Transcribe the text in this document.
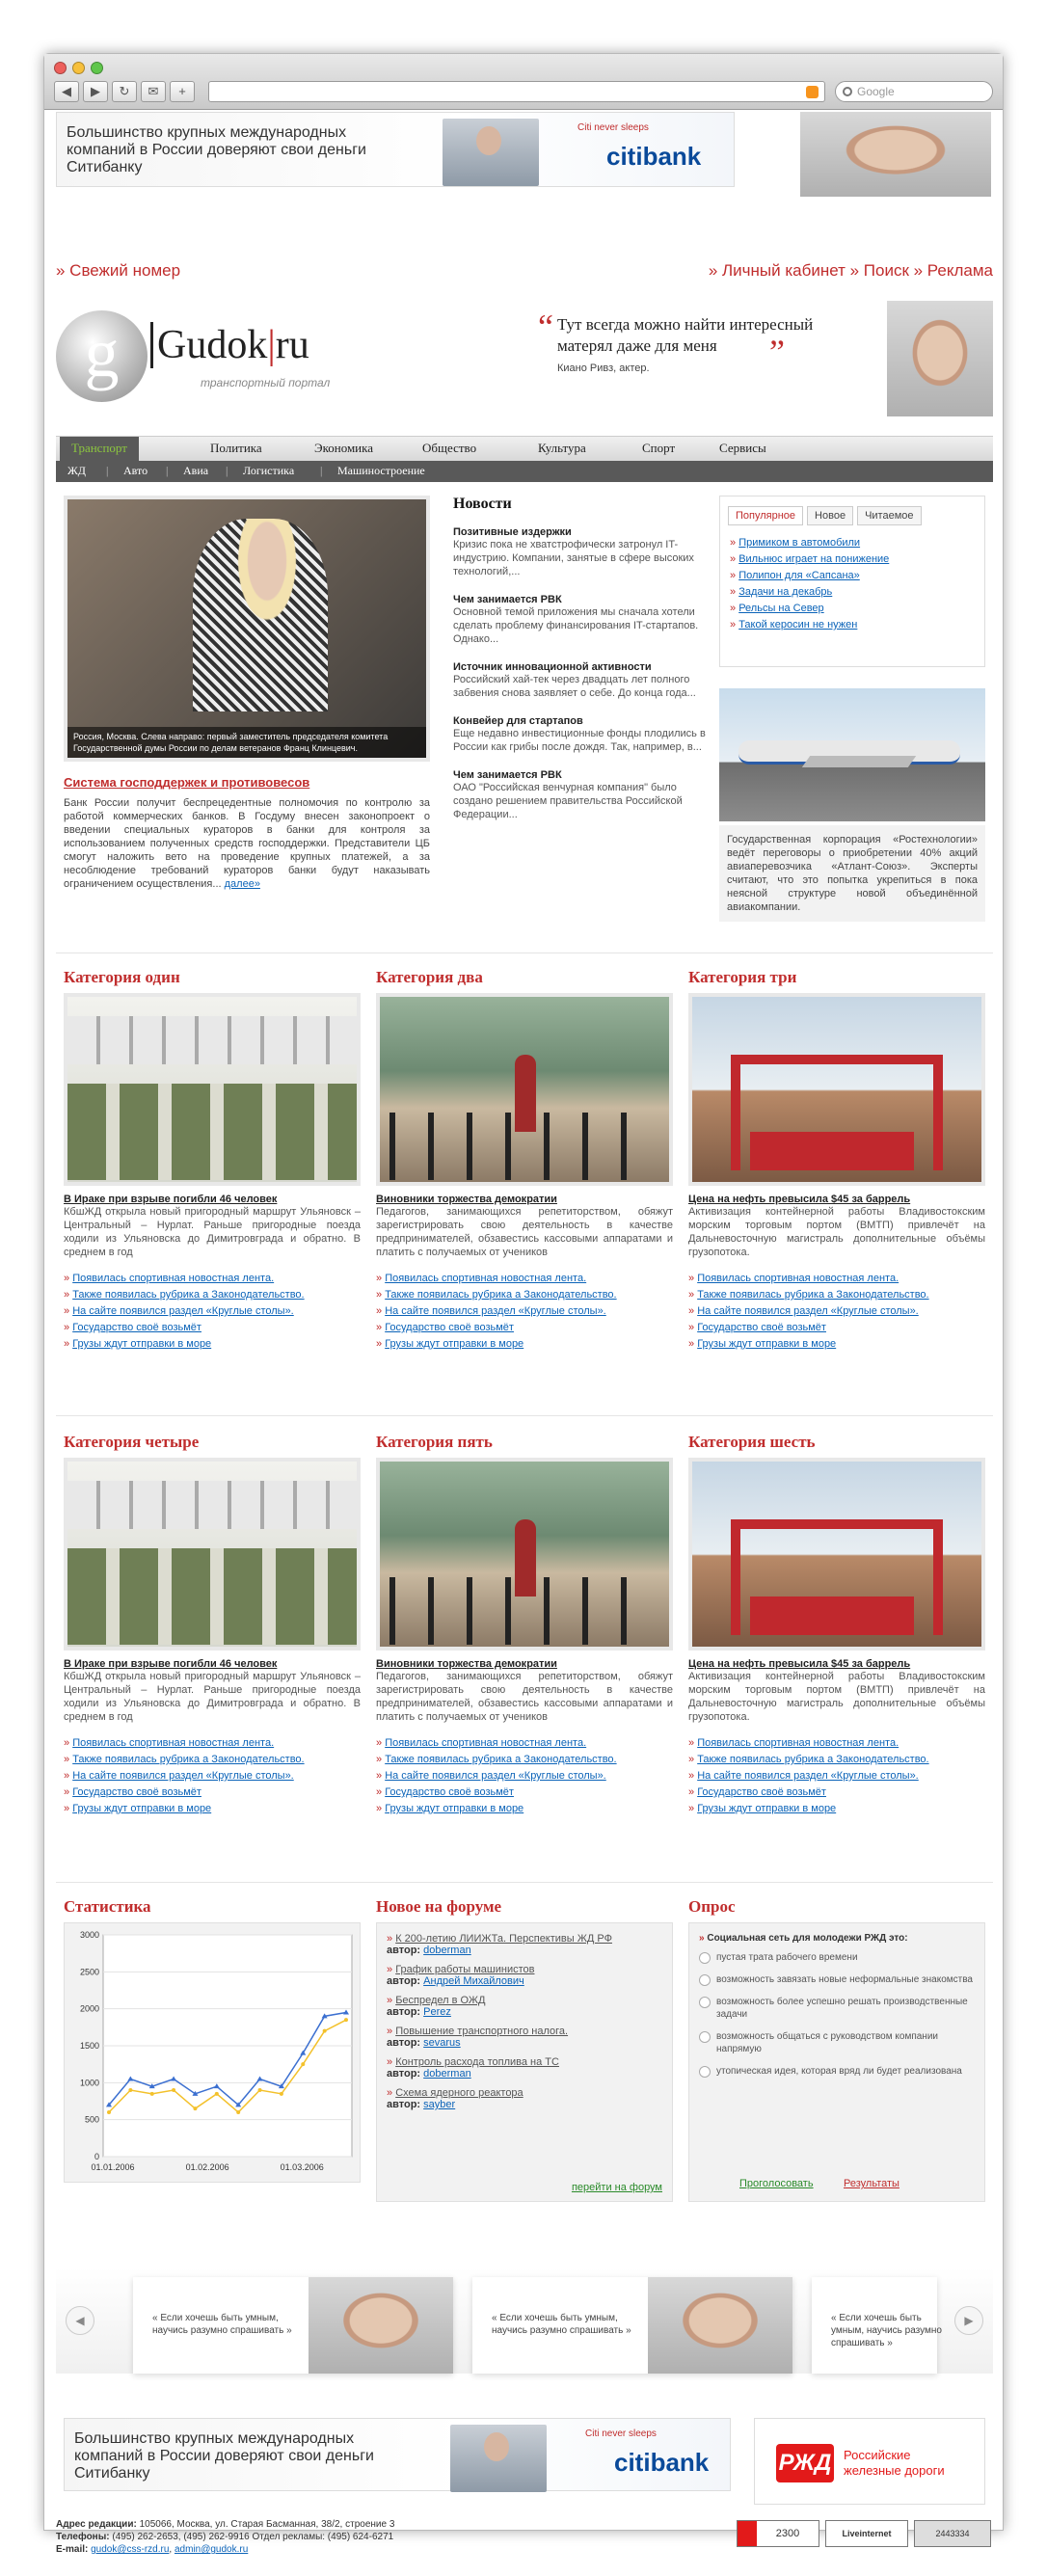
◀	▶	↻	✉	+	Google
Большинство крупных международных компаний в России доверяют свои деньги Ситибанку
Citi never sleeps
citibank
» Свежий номер	» Личный кабинет » Поиск » Реклама
g Gudok|ru
транспортный портал
“ Тут всегда можно найти интересный матерял даже для меня	”
Киано Ривз, актер.
Транспорт	Политика	Экономика	Общество	Культура	Спорт	Сервисы
ЖД | Авто | Авиа | Логистика | Машиностроение
Россия, Москва. Слева направо: первый заместитель председателя комитета Государственной думы России по делам ветеранов Франц Клинцевич.
Система господдержек и противовесов
Банк России получит беспрецедентные полномочия по контролю за работой коммерческих банков. В Госдуму внесен законопроект о введении специальных кураторов в банки для контроля за использованием полученных средств господдержки. Представители ЦБ смогут наложить вето на проведение крупных платежей, а за несоблюдение требований кураторов банки будут наказывать ограничением осуществления... далее»
Новости
Позитивные издержки
Кризис пока не хватстрофически затронул IT-индустрию. Компании, занятые в сфере высоких технологий,...
Чем занимается РВК
Основной темой приложения мы сначала хотели сделать проблему финансирования IT-стартапов. Однако...
Источник инновационной активности
Российский хай-тек через двадцать лет полного забвения снова заявляет о себе. До конца года...
Конвейер для стартапов
Еще недавно инвестиционные фонды плодились в России как грибы после дождя. Так, например, в...
Чем занимается РВК
ОАО "Российская венчурная компания" было создано решением правительства Российской Федерации...
Популярное	Новое	Читаемое
» Примиком в автомобили
» Вильнюс играет на понижение
» Полипон для «Сапсана»
» Задачи на декабрь
» Рельсы на Север
» Такой керосин не нужен
Государственная корпорация «Ростехнологии» ведёт переговоры о приобретении 40% акций авиаперевозчика «Атлант-Союз». Эксперты считают, что это попытка укрепиться в пока неясной структуре новой объединённой авиакомпании.
Категория один
В Ираке при взрыве погибли 46 человек
КбшЖД открыла новый пригородный маршрут Ульяновск – Центральный – Нурлат. Раньше пригородные поезда ходили из Ульяновска до Димитровграда и обратно. В среднем в год
» Появилась спортивная новостная лента.
» Также появилась рубрика а Законодательство.
» На сайте появился раздел «Круглые столы».
» Государство своё возьмёт
» Грузы ждут отправки в море
Категория два
Виновники торжества демократии
Педагогов, занимающихся репетиторством, обяжут зарегистрировать свою деятельность в качестве предпринимателей, обзавестись кассовыми аппаратами и платить с получаемых от учеников
» Появилась спортивная новостная лента.
» Также появилась рубрика а Законодательство.
» На сайте появился раздел «Круглые столы».
» Государство своё возьмёт
» Грузы ждут отправки в море
Категория три
Цена на нефть превысила $45 за баррель
Активизация контейнерной работы Владивостокским морским торговым портом (ВМТП) привлечёт на Дальневосточную магистраль дополнительные объёмы грузопотока.
» Появилась спортивная новостная лента.
» Также появилась рубрика а Законодательство.
» На сайте появился раздел «Круглые столы».
» Государство своё возьмёт
» Грузы ждут отправки в море
Категория четыре
В Ираке при взрыве погибли 46 человек
КбшЖД открыла новый пригородный маршрут Ульяновск – Центральный – Нурлат. Раньше пригородные поезда ходили из Ульяновска до Димитровграда и обратно. В среднем в год
» Появилась спортивная новостная лента.
» Также появилась рубрика а Законодательство.
» На сайте появился раздел «Круглые столы».
» Государство своё возьмёт
» Грузы ждут отправки в море
Категория пять
Виновники торжества демократии
Педагогов, занимающихся репетиторством, обяжут зарегистрировать свою деятельность в качестве предпринимателей, обзавестись кассовыми аппаратами и платить с получаемых от учеников
» Появилась спортивная новостная лента.
» Также появилась рубрика а Законодательство.
» На сайте появился раздел «Круглые столы».
» Государство своё возьмёт
» Грузы ждут отправки в море
Категория шесть
Цена на нефть превысила $45 за баррель
Активизация контейнерной работы Владивостокским морским торговым портом (ВМТП) привлечёт на Дальневосточную магистраль дополнительные объёмы грузопотока.
» Появилась спортивная новостная лента.
» Также появилась рубрика а Законодательство.
» На сайте появился раздел «Круглые столы».
» Государство своё возьмёт
» Грузы ждут отправки в море
Статистика
0
500
1000
1500
2000
2500
3000
01.01.2006	01.02.2006	01.03.2006
Новое на форуме
» К 200-летию ЛИИЖТа. Перспективы ЖД РФ
автор: doberman
» График работы машинистов
автор: Андрей Михайлович
» Беспредел в ОЖД
автор: Perez
» Повышение транспортного налога.
автор: sevarus
» Контроль расхода топлива на ТС
автор: doberman
» Схема ядерного реактора
автор: sayber
перейти на форум
Опрос
» Социальная сеть для молодежи РЖД это:
пустая трата рабочего времени
возможность завязать новые неформальные знакомства
возможность более успешно решать производственные задачи
возможность общаться с руководством компании напрямую
утопическая идея, которая вряд ли будет реализована
Проголосовать	Результаты
◀	« Если хочешь быть умным, научись разумно спрашивать »
« Если хочешь быть умным, научись разумно спрашивать »
« Если хочешь быть умным, научись разумно спрашивать »
▶
Большинство крупных международных компаний в России доверяют свои деньги Ситибанку
Citi never sleeps
citibank	РЖД Российские
железные дороги
Адрес редакции: 105066, Москва, ул. Старая Басманная, 38/2, строение 3
Телефоны: (495) 262-2653, (495) 262-9916 Отдел рекламы: (495) 624-6271
E-mail: gudok@css-rzd.ru, admin@gudok.ru
2300	Liveinternet	2443334
